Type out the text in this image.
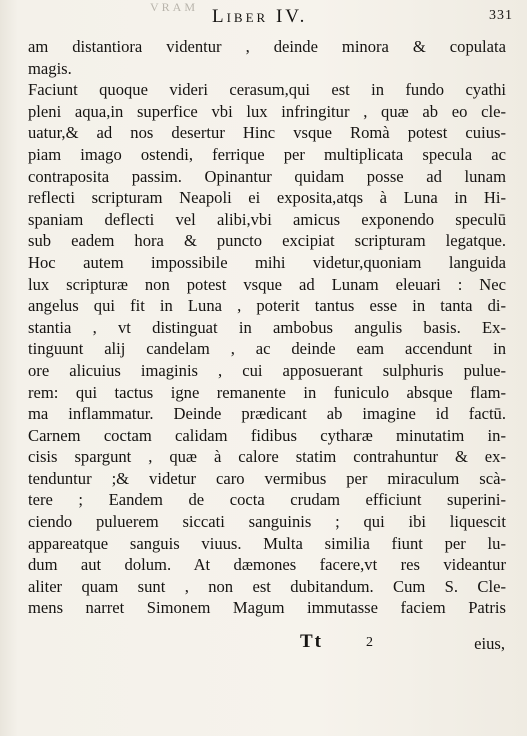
VRAM Liber IV.	331
am distantiora videntur , deinde minora & copulata
magis.
Faciunt quoque videri cerasum,qui est in fundo cyathi
pleni aqua,in superfice vbi lux infringitur , quæ ab eo cle-
uatur,& ad nos desertur Hinc vsque Romà potest cuius-
piam imago ostendi, ferrique per multiplicata specula ac
contraposita passim. Opinantur quidam posse ad lunam
reflecti scripturam Neapoli ei exposita,atqs à Luna in Hi-
spaniam deflecti vel alibi,vbi amicus exponendo speculū
sub eadem hora & puncto excipiat scripturam legatque.
Hoc autem impossibile mihi videtur,quoniam languida
lux scripturæ non potest vsque ad Lunam eleuari : Nec
angelus qui fit in Luna , poterit tantus esse in tanta di-
stantia , vt distinguat in ambobus angulis basis. Ex-
tinguunt alij candelam , ac deinde eam accendunt in
ore alicuius imaginis , cui apposuerant sulphuris pulue-
rem: qui tactus igne remanente in funiculo absque flam-
ma inflammatur. Deinde prædicant ab imagine id factū.
Carnem coctam calidam fidibus cytharæ minutatim in-
cisis spargunt , quæ à calore statim contrahuntur & ex-
tenduntur ;& videtur caro vermibus per miraculum scà-
tere ; Eandem de cocta crudam efficiunt superini-
ciendo puluerem siccati sanguinis ; qui ibi liquescit
appareatque sanguis viuus. Multa similia fiunt per lu-
dum aut dolum. At dæmones facere,vt res videantur
aliter quam sunt , non est dubitandum. Cum S. Cle-
mens narret Simonem Magum immutasse faciem Patris
Tt	2	eius,
